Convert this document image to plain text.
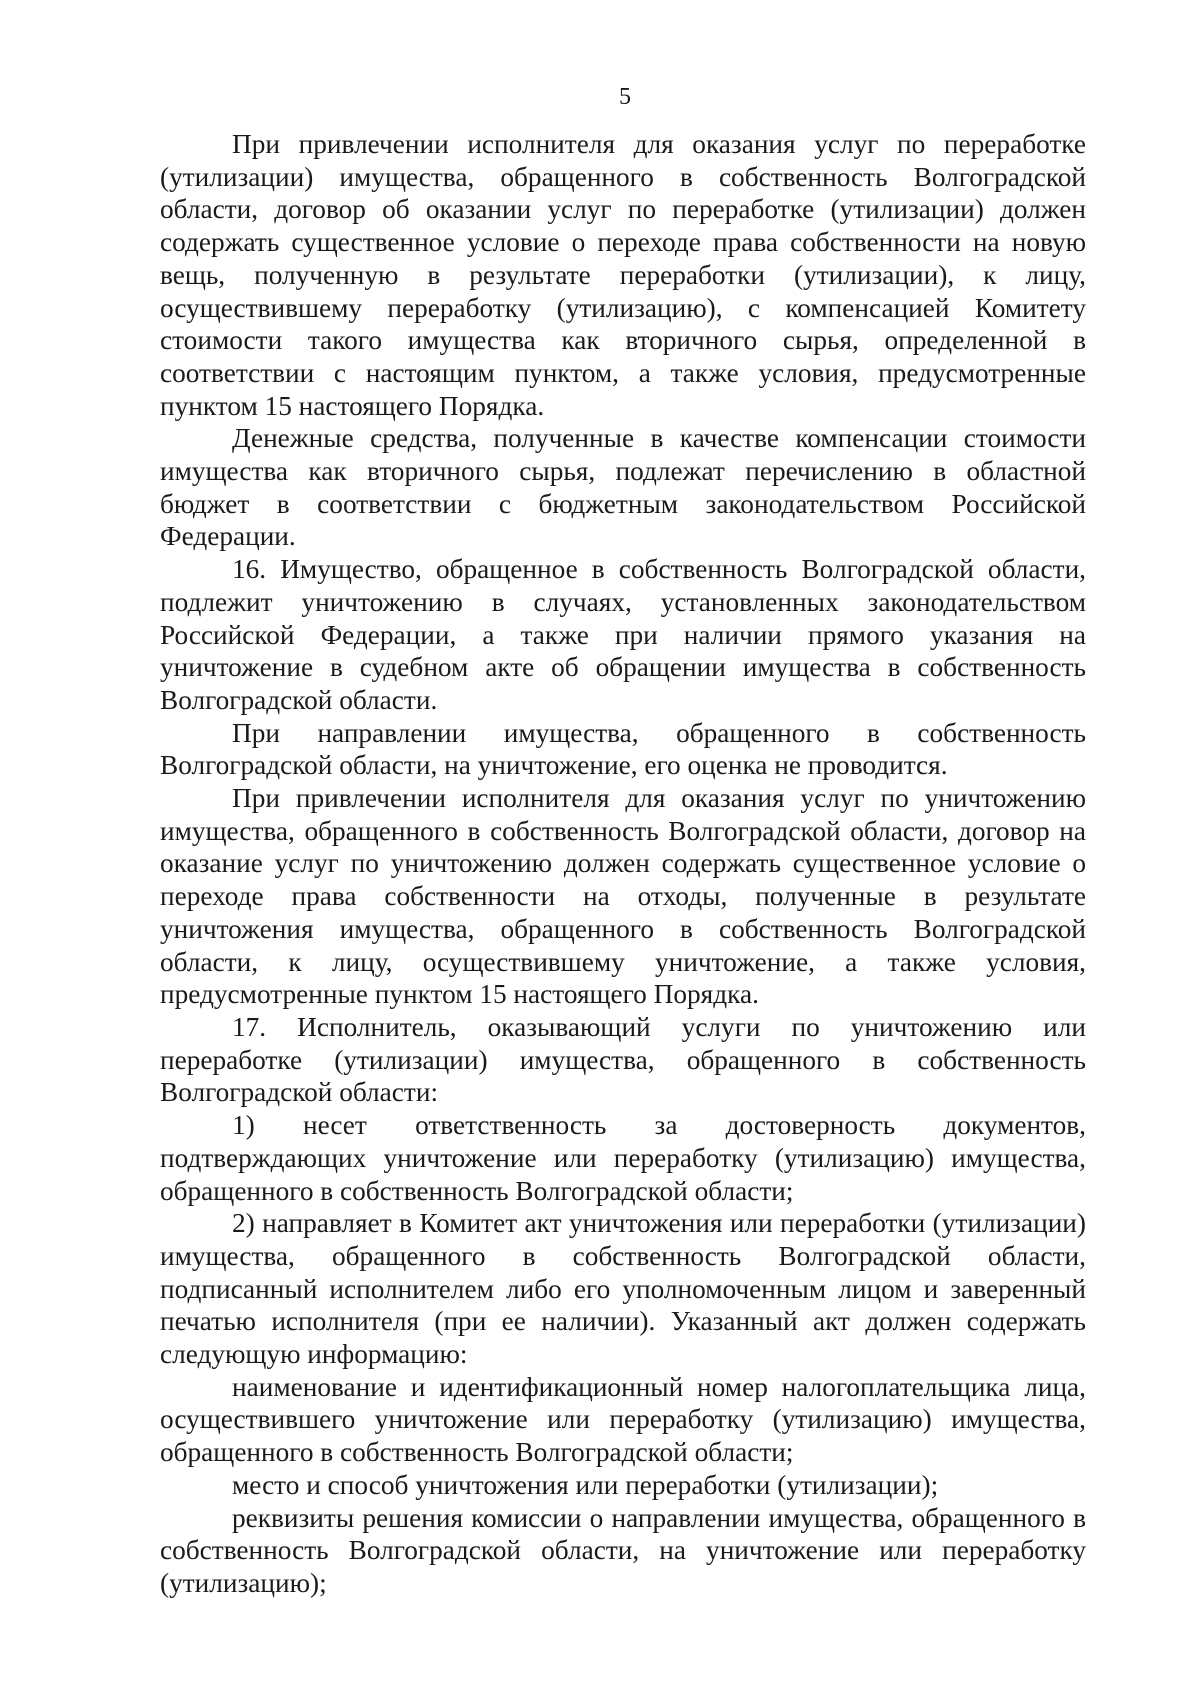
5

При привлечении исполнителя для оказания услуг по переработке (утилизации) имущества, обращенного в собственность Волгоградской области, договор об оказании услуг по переработке (утилизации) должен содержать существенное условие о переходе права собственности на новую вещь, полученную в результате переработки (утилизации), к лицу, осуществившему переработку (утилизацию), с компенсацией Комитету стоимости такого имущества как вторичного сырья, определенной в соответствии с настоящим пунктом, а также условия, предусмотренные пунктом 15 настоящего Порядка.

Денежные средства, полученные в качестве компенсации стоимости имущества как вторичного сырья, подлежат перечислению в областной бюджет в соответствии с бюджетным законодательством Российской Федерации.

16. Имущество, обращенное в собственность Волгоградской области, подлежит уничтожению в случаях, установленных законодательством Российской Федерации, а также при наличии прямого указания на уничтожение в судебном акте об обращении имущества в собственность Волгоградской области.

При направлении имущества, обращенного в собственность Волгоградской области, на уничтожение, его оценка не проводится.

При привлечении исполнителя для оказания услуг по уничтожению имущества, обращенного в собственность Волгоградской области, договор на оказание услуг по уничтожению должен содержать существенное условие о переходе права собственности на отходы, полученные в результате уничтожения имущества, обращенного в собственность Волгоградской области, к лицу, осуществившему уничтожение, а также условия, предусмотренные пунктом 15 настоящего Порядка.

17. Исполнитель, оказывающий услуги по уничтожению или переработке (утилизации) имущества, обращенного в собственность Волгоградской области:

1) несет ответственность за достоверность документов, подтверждающих уничтожение или переработку (утилизацию) имущества, обращенного в собственность Волгоградской области;

2) направляет в Комитет акт уничтожения или переработки (утилизации) имущества, обращенного в собственность Волгоградской области, подписанный исполнителем либо его уполномоченным лицом и заверенный печатью исполнителя (при ее наличии). Указанный акт должен содержать следующую информацию:

наименование и идентификационный номер налогоплательщика лица, осуществившего уничтожение или переработку (утилизацию) имущества, обращенного в собственность Волгоградской области;

место и способ уничтожения или переработки (утилизации);

реквизиты решения комиссии о направлении имущества, обращенного в собственность Волгоградской области, на уничтожение или переработку (утилизацию);
